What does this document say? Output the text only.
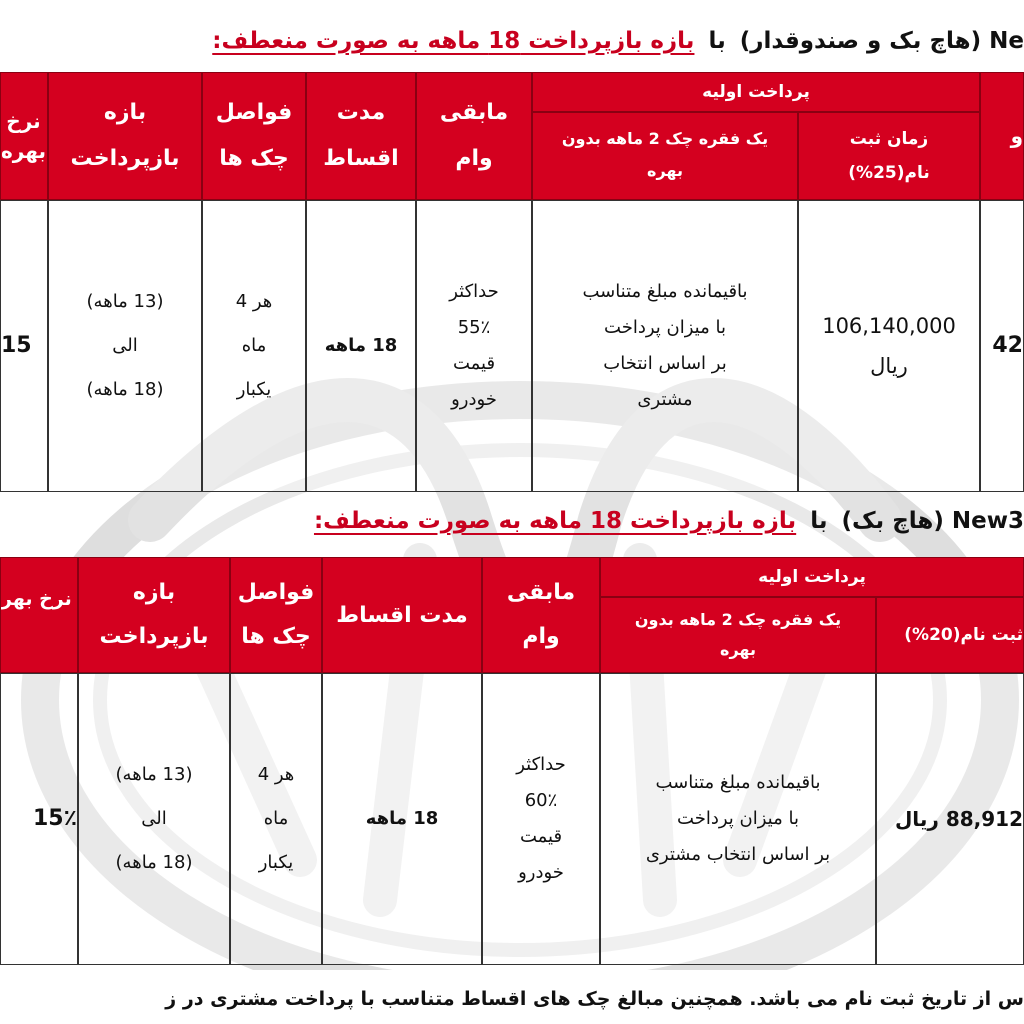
Ne (هاچ بک و صندوقدار) با بازه بازپرداخت 18 ماهه به صورت منعطف:
نرخ
بهره
بازه
بازپرداخت
فواصل
چک ها
مدت
اقساط
مابقی
وام
پرداخت اولیه
یک فقره چک 2 ماهه بدون
بهره
زمان ثبت
نام(25%)
و
15
(13 ماهه)
الی
(18 ماهه)
هر 4
ماه
یکبار
18 ماهه
حداکثر
55٪
قیمت
خودرو
باقیمانده مبلغ متناسب
با میزان پرداخت
بر اساس انتخاب
مشتری
106,140,000
ریال
42
New3 (هاچ بک) با بازه بازپرداخت 18 ماهه به صورت منعطف:
نرخ بهر	بازه
بازپرداخت
فواصل
چک ها
مدت اقساط
مابقی
وام
پرداخت اولیه
یک فقره چک 2 ماهه بدون
بهره
ثبت نام(20%)
15٪
(13 ماهه)
الی
(18 ماهه)
هر 4
ماه
یکبار
18 ماهه
حداکثر
60٪
قیمت
خودرو
باقیمانده مبلغ متناسب
با میزان پرداخت
بر اساس انتخاب مشتری
88,912 ریال
س از تاریخ ثبت نام می باشد. همچنین مبالغ چک های اقساط متناسب با پرداخت مشتری در ز
